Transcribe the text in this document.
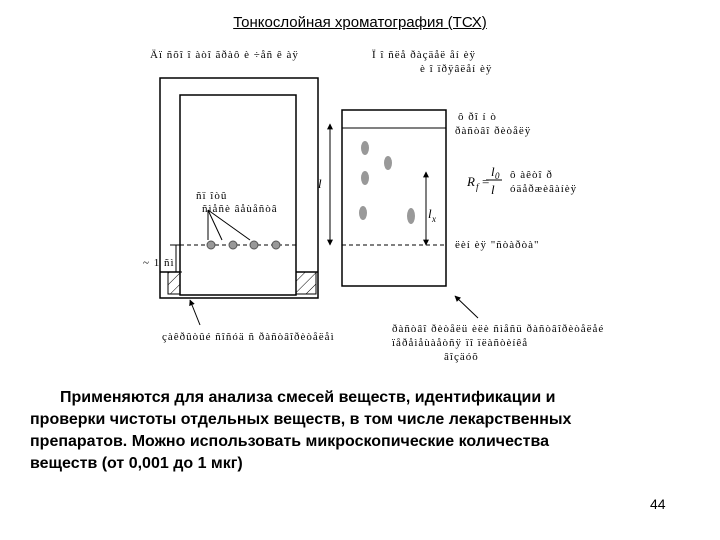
Тонкослойная хроматография (ТСХ)
Äï ñõî î àòî ãðàô è ÷åñ ê àÿ	Ï î ñëå ðàçäåë åí èÿ
è î ïðÿâëåí èÿ
l
l x
R f =
l 0
l
ô ðî í ò
ðàñòâî ðèòåëÿ
ô àêòî ð
óäåðæèâàíèÿ
ñï îòû
ñìåñè âåùåñòâ
ëèí èÿ "ñòàðòà"
~ 1 ñì
çàêðûòûé ñîñóä ñ ðàñòâîðèòåëåì
ðàñòâî ðèòåëü èëè ñìåñü ðàñòâîðèòåëåé
ïåðåìåùàåòñÿ ïî ïëàñòèíêå
âîçäóõ
Применяются для анализа смесей веществ, идентификации и
проверки чистоты отдельных веществ, в том числе лекарственных
препаратов. Можно использовать микроскопические количества
веществ (от 0,001 до 1 мкг)
44
